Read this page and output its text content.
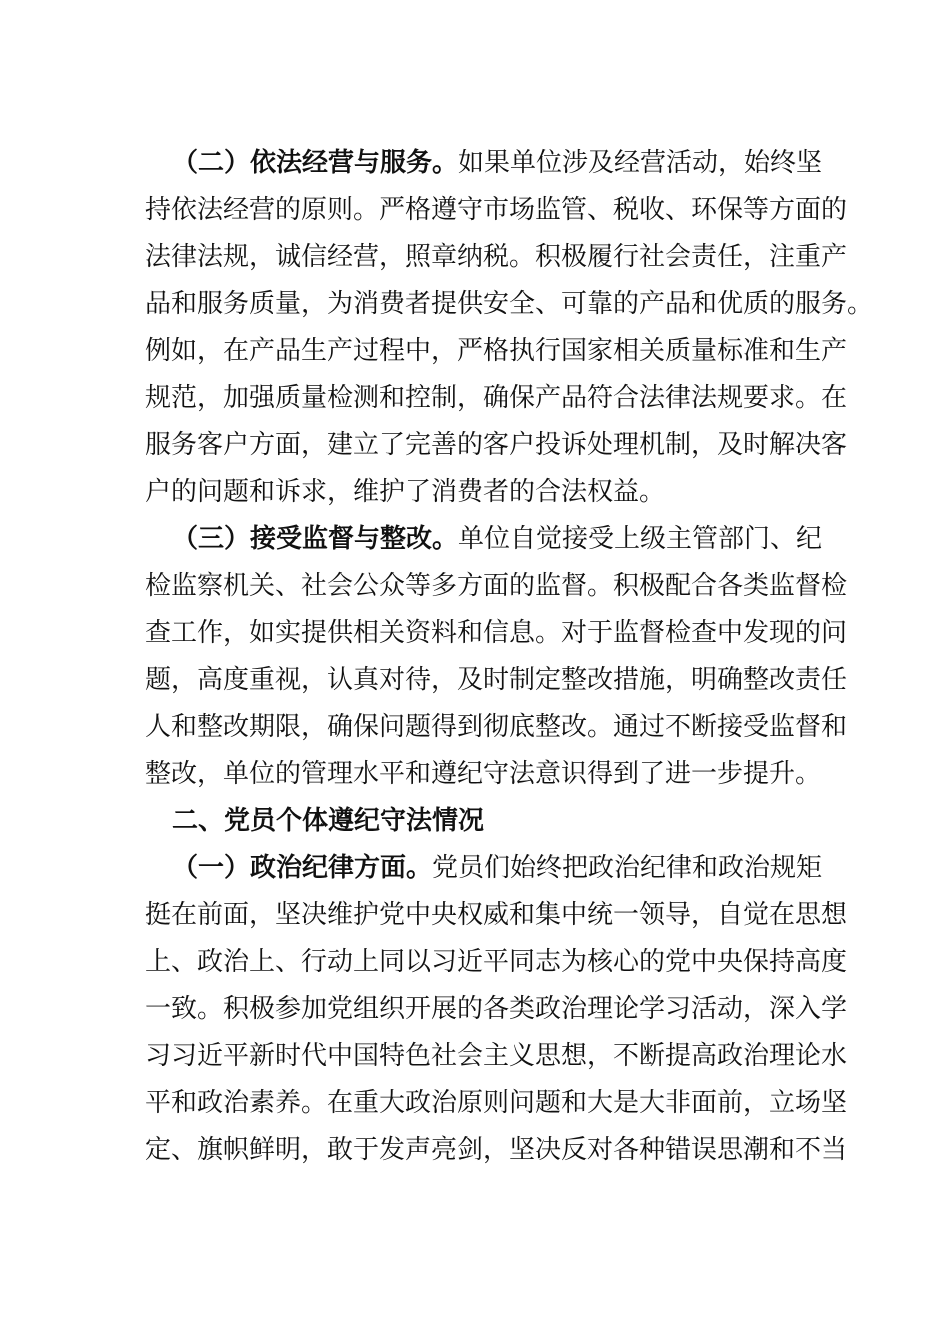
（二）依法经营与服务。如果单位涉及经营活动，始终坚
持依法经营的原则。严格遵守市场监管、税收、环保等方面的
法律法规，诚信经营，照章纳税。积极履行社会责任，注重产
品和服务质量，为消费者提供安全、可靠的产品和优质的服务。
例如，在产品生产过程中，严格执行国家相关质量标准和生产
规范，加强质量检测和控制，确保产品符合法律法规要求。在
服务客户方面，建立了完善的客户投诉处理机制，及时解决客
户的问题和诉求，维护了消费者的合法权益。
（三）接受监督与整改。单位自觉接受上级主管部门、纪
检监察机关、社会公众等多方面的监督。积极配合各类监督检
查工作，如实提供相关资料和信息。对于监督检查中发现的问
题，高度重视，认真对待，及时制定整改措施，明确整改责任
人和整改期限，确保问题得到彻底整改。通过不断接受监督和
整改，单位的管理水平和遵纪守法意识得到了进一步提升。
二、党员个体遵纪守法情况
（一）政治纪律方面。党员们始终把政治纪律和政治规矩
挺在前面，坚决维护党中央权威和集中统一领导，自觉在思想
上、政治上、行动上同以习近平同志为核心的党中央保持高度
一致。积极参加党组织开展的各类政治理论学习活动，深入学
习习近平新时代中国特色社会主义思想，不断提高政治理论水
平和政治素养。在重大政治原则问题和大是大非面前，立场坚
定、旗帜鲜明，敢于发声亮剑，坚决反对各种错误思潮和不当
